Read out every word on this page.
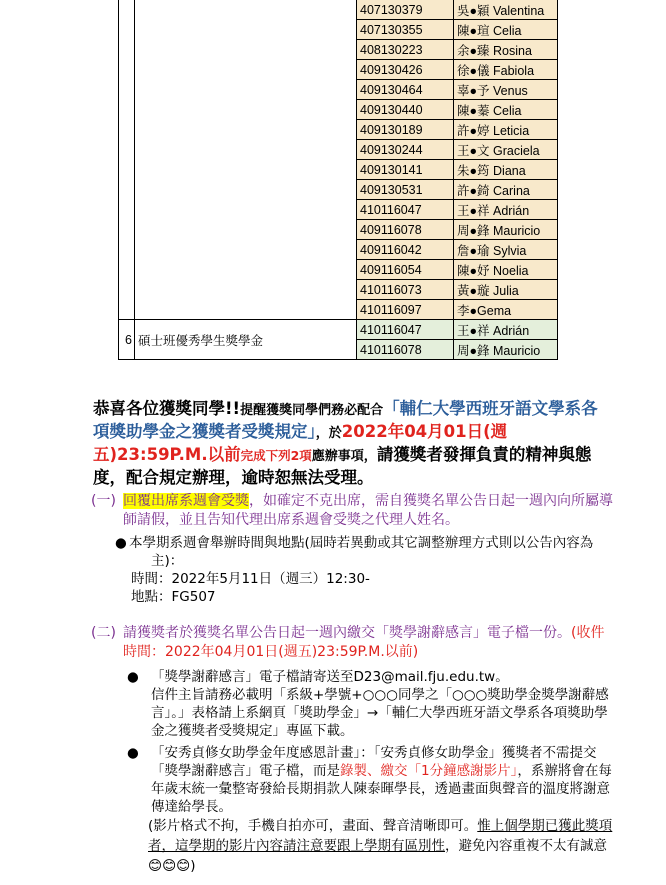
		407130379	吳●穎 Valentina
		407130355	陳●瑄 Celia
		408130223	余●臻 Rosina
		409130426	徐●儀 Fabiola
		409130464	辜●予 Venus
		409130440	陳●蓁 Celia
		409130189	許●婷 Leticia
		409130244	王●文 Graciela
		409130141	朱●筠 Diana
		409130531	許●錡 Carina
		410116047	王●祥 Adrián
		409116078	周●鋒 Mauricio
		409116042	詹●瑜 Sylvia
		409116054	陳●妤 Noelia
		410116073	黃●璇 Julia
		410116097	李●Gema
6	碩士班優秀學生獎學金	410116047	王●祥 Adrián
		410116078	周●鋒 Mauricio

恭喜各位獲獎同學!!提醒獲獎同學們務必配合「輔仁大學西班牙語文學系各項獎助學金之獲獎者受獎規定」，於2022年04月01日(週五)23:59P.M.以前完成下列2項應辦事項，請獲獎者發揮負責的精神與態度，配合規定辦理，逾時恕無法受理。

(一) 回覆出席系週會受獎，如確定不克出席，需自獲獎名單公告日起一週內向所屬導師請假，並且告知代理出席系週會受獎之代理人姓名。
● 本學期系週會舉辦時間與地點(屆時若異動或其它調整辦理方式則以公告內容為主)：
時間：2022年5月11日（週三）12:30-
地點：FG507
(二) 請獲獎者於獲獎名單公告日起一週內繳交「獎學謝辭感言」電子檔一份。(收件時間：2022年04月01日(週五)23:59P.M.以前)
● 「獎學謝辭感言」電子檔請寄送至D23@mail.fju.edu.tw。
信件主旨請務必載明「系級+學號+○○○同學之「○○○獎助學金獎學謝辭感言」。」表格請上系網頁「獎助學金」→「輔仁大學西班牙語文學系各項獎助學金之獲獎者受獎規定」專區下載。
● 「安秀貞修女助學金年度感恩計畫」：「安秀貞修女助學金」獲獎者不需提交「獎學謝辭感言」電子檔，而是錄製、繳交「1分鐘感謝影片」，系辦將會在每年歲末統一彙整寄發給長期捐款人陳泰暉學長，透過畫面與聲音的溫度將謝意傳達給學長。
(影片格式不拘，手機自拍亦可，畫面、聲音清晰即可。惟上個學期已獲此獎項者，這學期的影片內容請注意要跟上學期有區別性，避免內容重複不太有誠意😊😊😊)
